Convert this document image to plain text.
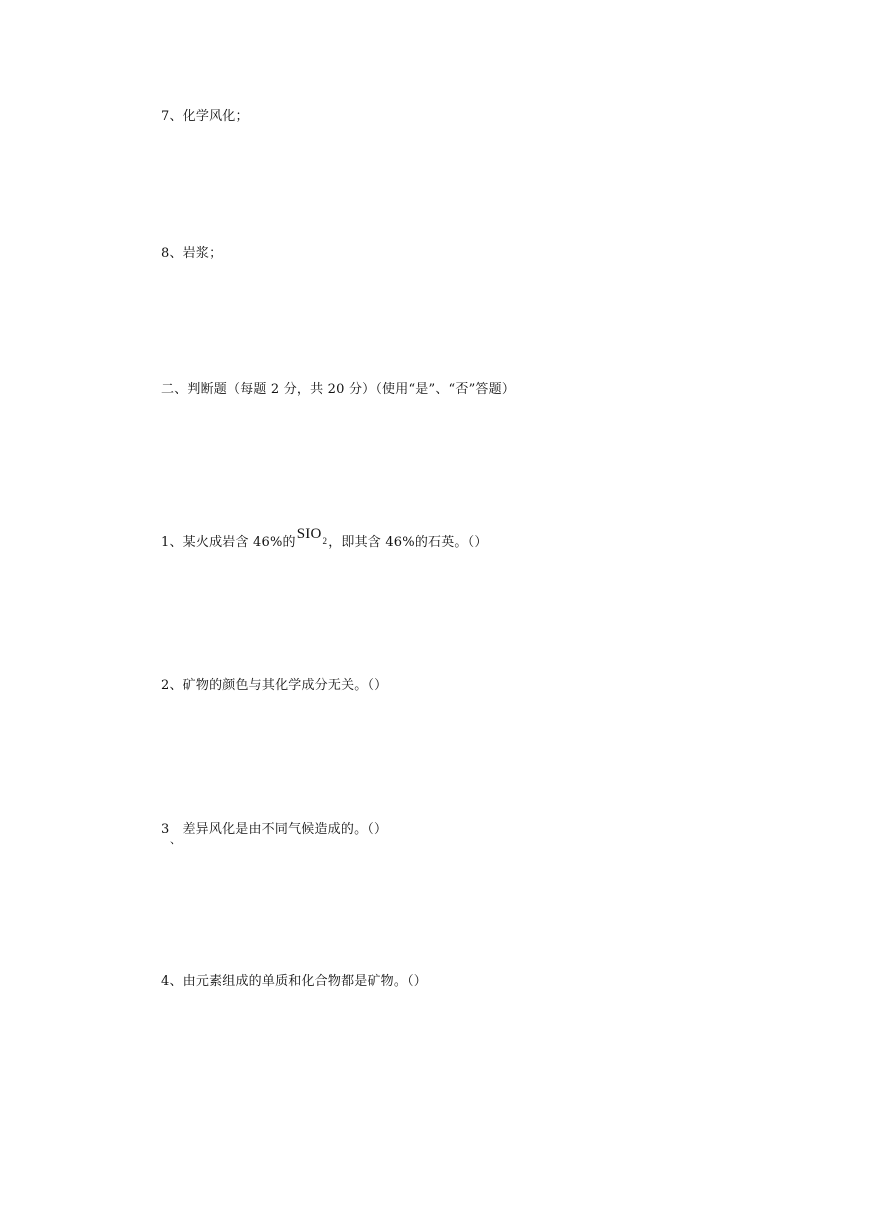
7、化学风化；
8、岩浆；
二、判断题（每题 2 分，共 20 分）（使用“是”、“否”答题）
1、某火成岩含 46%的$SIO_2$，即其含 46%的石英。（）
2、矿物的颜色与其化学成分无关。（）
3
、
差异风化是由不同气候造成的。（）
4、由元素组成的单质和化合物都是矿物。（）
